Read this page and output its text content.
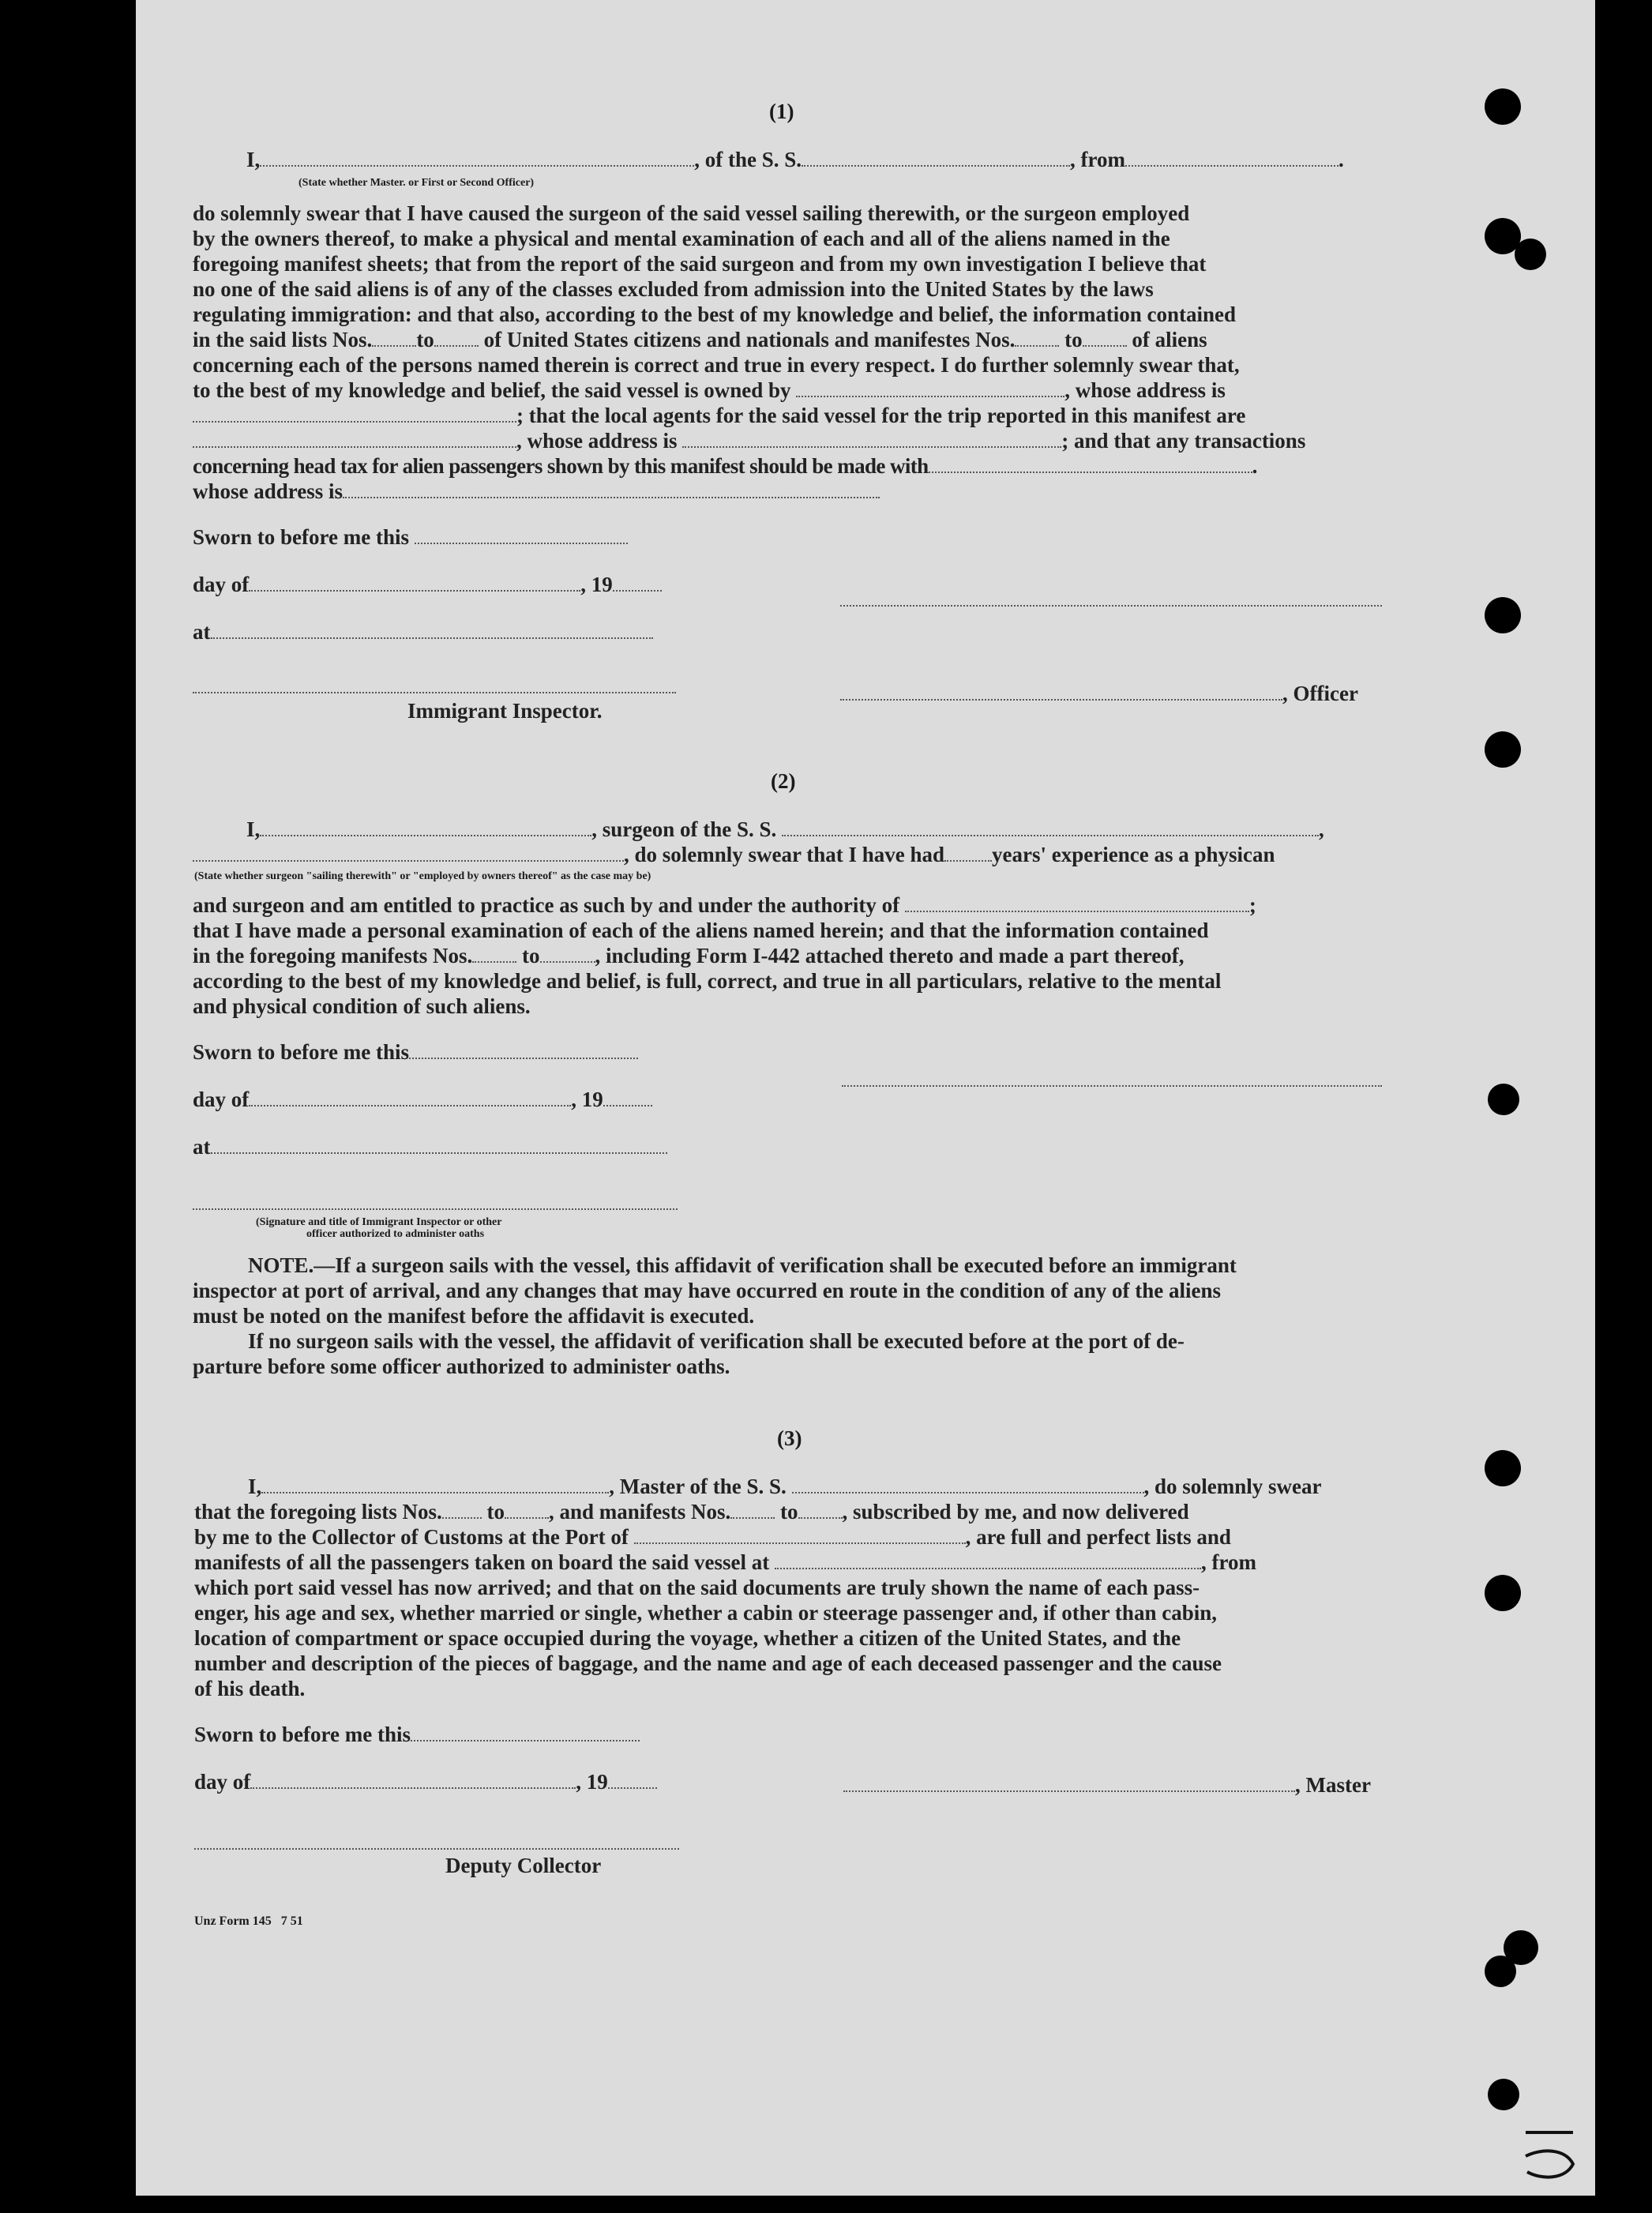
(1)
I,	, of the S. S.	, from	.
(State whether Master. or First or Second Officer)
do solemnly swear that I have caused the surgeon of the said vessel sailing therewith, or the surgeon employed
by the owners thereof, to make a physical and mental examination of each and all of the aliens named in the
foregoing manifest sheets; that from the report of the said surgeon and from my own investigation I believe that
no one of the said aliens is of any of the classes excluded from admission into the United States by the laws
regulating immigration: and that also, according to the best of my knowledge and belief, the information contained
in the said lists Nos. to of United States citizens and nationals and manifestes Nos. to of aliens
concerning each of the persons named therein is correct and true in every respect. I do further solemnly swear that,
to the best of my knowledge and belief, the said vessel is owned by	, whose address is
; that the local agents for the said vessel for the trip reported in this manifest are
, whose address is	; and that any transactions
concerning head tax for alien passengers shown by this manifest should be made with	.
whose address is
Sworn to before me this
day of	, 19
at
, Officer
Immigrant Inspector.
(2)
I,	, surgeon of the S. S.	,
, do solemnly swear that I have had years' experience as a physican
(State whether surgeon "sailing therewith" or "employed by owners thereof" as the case may be)
and surgeon and am entitled to practice as such by and under the authority of	;
that I have made a personal examination of each of the aliens named herein; and that the information contained
in the foregoing manifests Nos. to	, including Form I-442 attached thereto and made a part thereof,
according to the best of my knowledge and belief, is full, correct, and true in all particulars, relative to the mental
and physical condition of such aliens.
Sworn to before me this
day of	, 19
at
(Signature and title of Immigrant Inspector or other
officer authorized to administer oaths
NOTE.—If a surgeon sails with the vessel, this affidavit of verification shall be executed before an immigrant
inspector at port of arrival, and any changes that may have occurred en route in the condition of any of the aliens
must be noted on the manifest before the affidavit is executed.
If no surgeon sails with the vessel, the affidavit of verification shall be executed before at the port of de-
parture before some officer authorized to administer oaths.
(3)
I,	, Master of the S. S.	, do solemnly swear
that the foregoing lists Nos. to , and manifests Nos. to , subscribed by me, and now delivered
by me to the Collector of Customs at the Port of	, are full and perfect lists and
manifests of all the passengers taken on board the said vessel at	, from
which port said vessel has now arrived; and that on the said documents are truly shown the name of each pass-
enger, his age and sex, whether married or single, whether a cabin or steerage passenger and, if other than cabin,
location of compartment or space occupied during the voyage, whether a citizen of the United States, and the
number and description of the pieces of baggage, and the name and age of each deceased passenger and the cause
of his death.
Sworn to before me this
day of	, 19	, Master
Deputy Collector
Unz Form 145   7 51
